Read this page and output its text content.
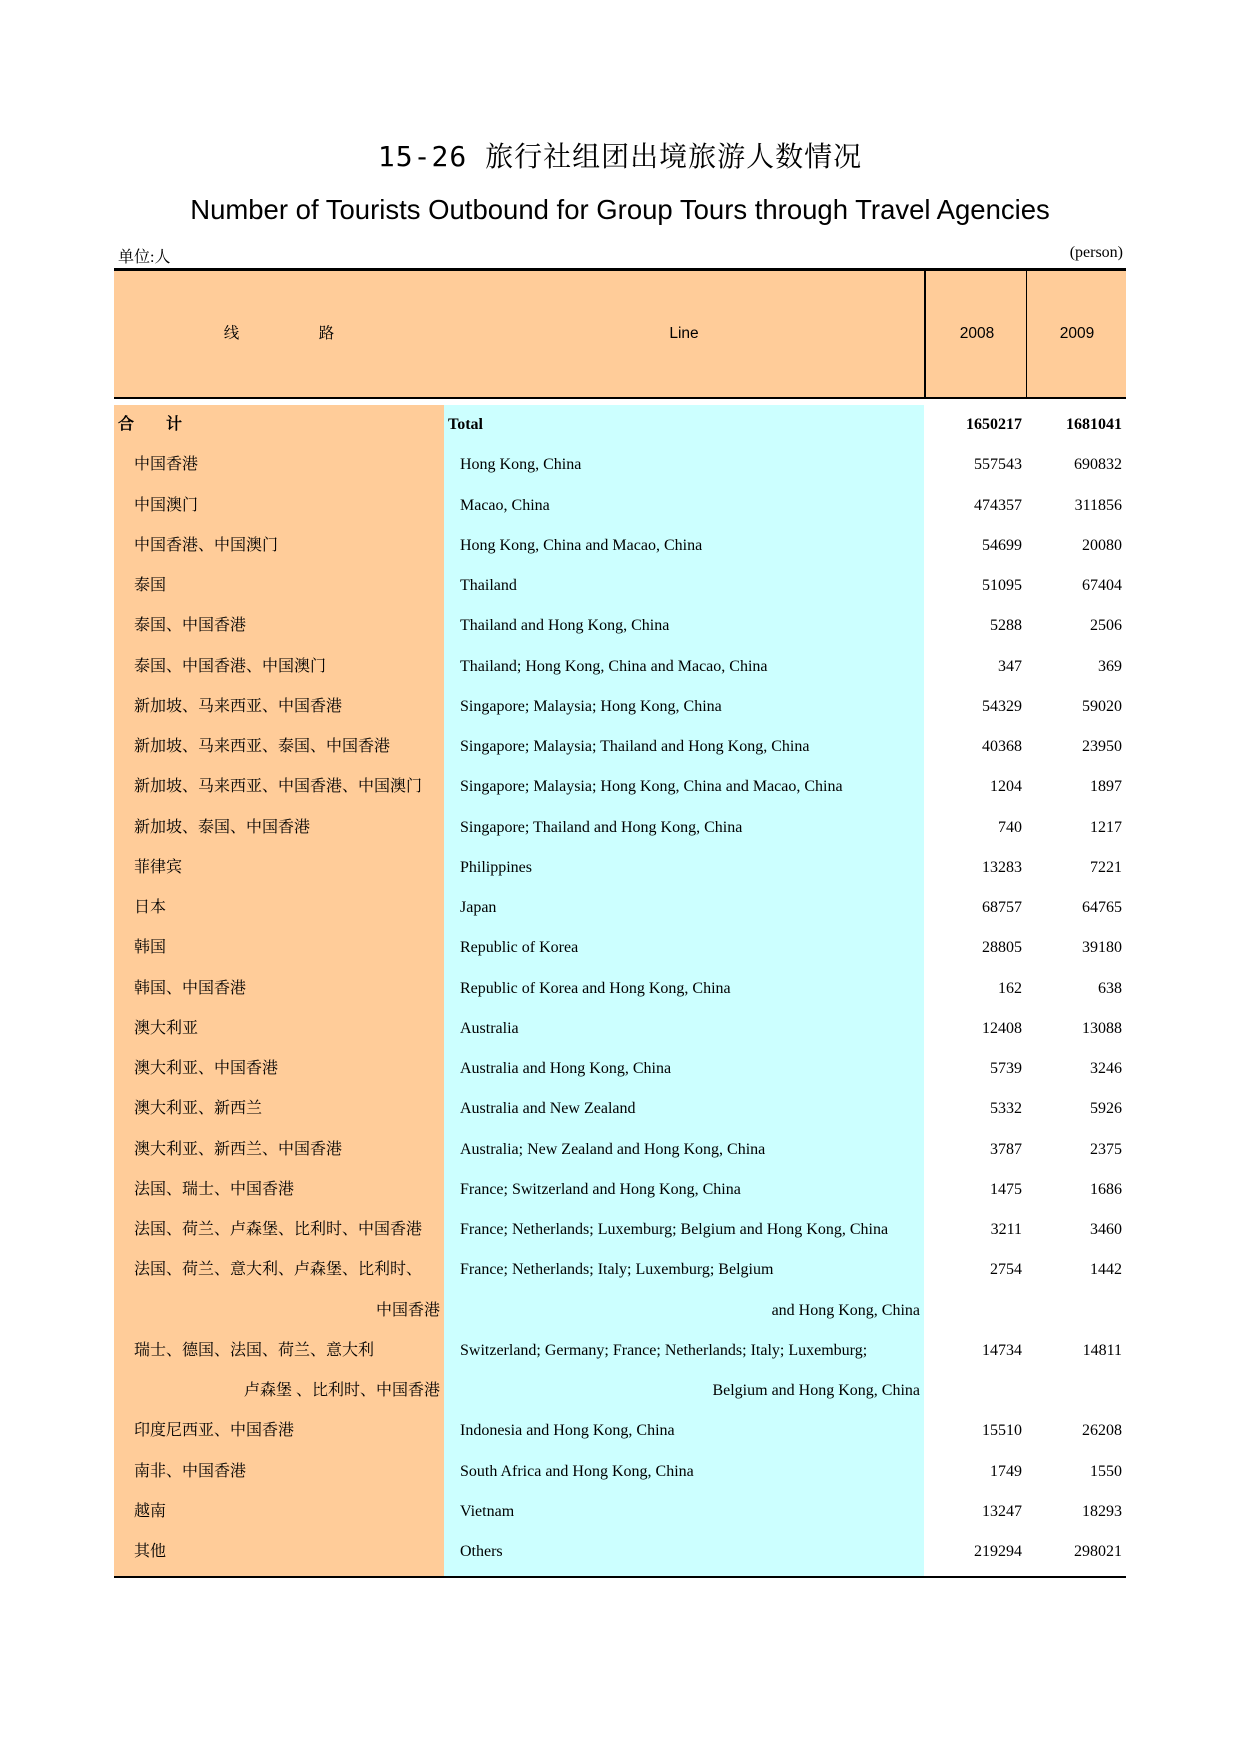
15-26 旅行社组团出境旅游人数情况
Number of Tourists Outbound for Group Tours through Travel Agencies
单位:人	(person)
线	路	Line	2008	2009
合　　计	Total	1650217	1681041
中国香港	Hong Kong, China	557543	690832
中国澳门	Macao, China	474357	311856
中国香港、中国澳门	Hong Kong, China and Macao, China	54699	20080
泰国	Thailand	51095	67404
泰国、中国香港	Thailand and Hong Kong, China	5288	2506
泰国、中国香港、中国澳门	Thailand; Hong Kong, China and Macao, China	347	369
新加坡、马来西亚、中国香港	Singapore; Malaysia; Hong Kong, China	54329	59020
新加坡、马来西亚、泰国、中国香港	Singapore; Malaysia; Thailand and Hong Kong, China	40368	23950
新加坡、马来西亚、中国香港、中国澳门	Singapore; Malaysia; Hong Kong, China and Macao, China	1204	1897
新加坡、泰国、中国香港	Singapore; Thailand and Hong Kong, China	740	1217
菲律宾	Philippines	13283	7221
日本	Japan	68757	64765
韩国	Republic of Korea	28805	39180
韩国、中国香港	Republic of Korea and Hong Kong, China	162	638
澳大利亚	Australia	12408	13088
澳大利亚、中国香港	Australia and Hong Kong, China	5739	3246
澳大利亚、新西兰	Australia and New Zealand	5332	5926
澳大利亚、新西兰、中国香港	Australia; New Zealand and Hong Kong, China	3787	2375
法国、瑞士、中国香港	France; Switzerland and Hong Kong, China	1475	1686
法国、荷兰、卢森堡、比利时、中国香港	France; Netherlands; Luxemburg; Belgium and Hong Kong, China	3211	3460
法国、荷兰、意大利、卢森堡、比利时、	France; Netherlands; Italy; Luxemburg; Belgium	2754	1442
中国香港	and Hong Kong, China
瑞士、德国、法国、荷兰、意大利	Switzerland; Germany; France; Netherlands; Italy; Luxemburg;	14734	14811
卢森堡 、比利时、中国香港	Belgium and Hong Kong, China
印度尼西亚、中国香港	Indonesia and Hong Kong, China	15510	26208
南非、中国香港	South Africa and Hong Kong, China	1749	1550
越南	Vietnam	13247	18293
其他	Others	219294	298021
